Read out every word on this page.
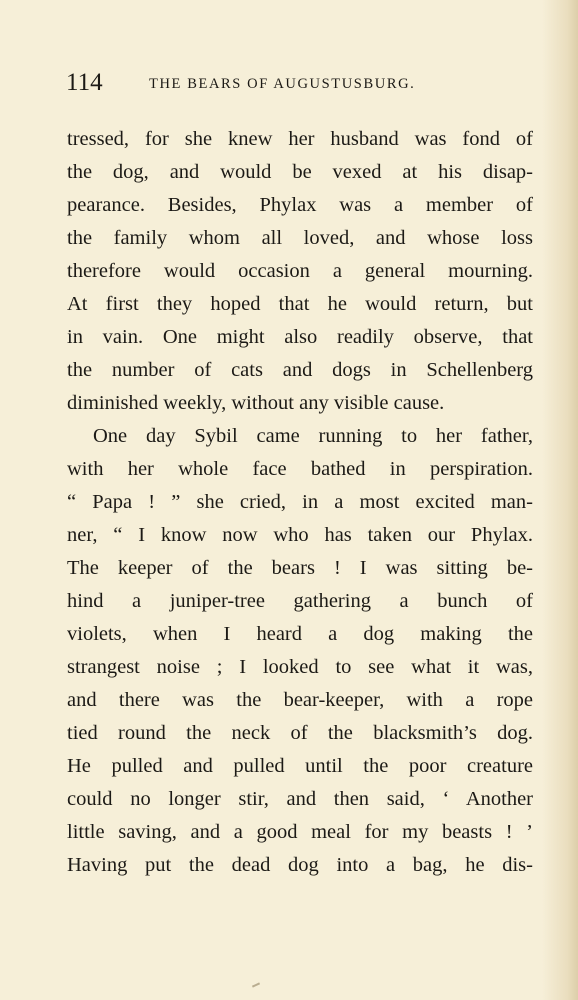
114	THE BEARS OF AUGUSTUSBURG.
tressed, for she knew her husband was fond of
the dog, and would be vexed at his disap-
pearance. Besides, Phylax was a member of
the family whom all loved, and whose loss
therefore would occasion a general mourning.
At first they hoped that he would return, but
in vain. One might also readily observe, that
the number of cats and dogs in Schellenberg
diminished weekly, without any visible cause.
One day Sybil came running to her father,
with her whole face bathed in perspiration.
“ Papa ! ” she cried, in a most excited man-
ner, “ I know now who has taken our Phylax.
The keeper of the bears ! I was sitting be-
hind a juniper-tree gathering a bunch of
violets, when I heard a dog making the
strangest noise ; I looked to see what it was,
and there was the bear-keeper, with a rope
tied round the neck of the blacksmith’s dog.
He pulled and pulled until the poor creature
could no longer stir, and then said, ‘ Another
little saving, and a good meal for my beasts ! ’
Having put the dead dog into a bag, he dis-
